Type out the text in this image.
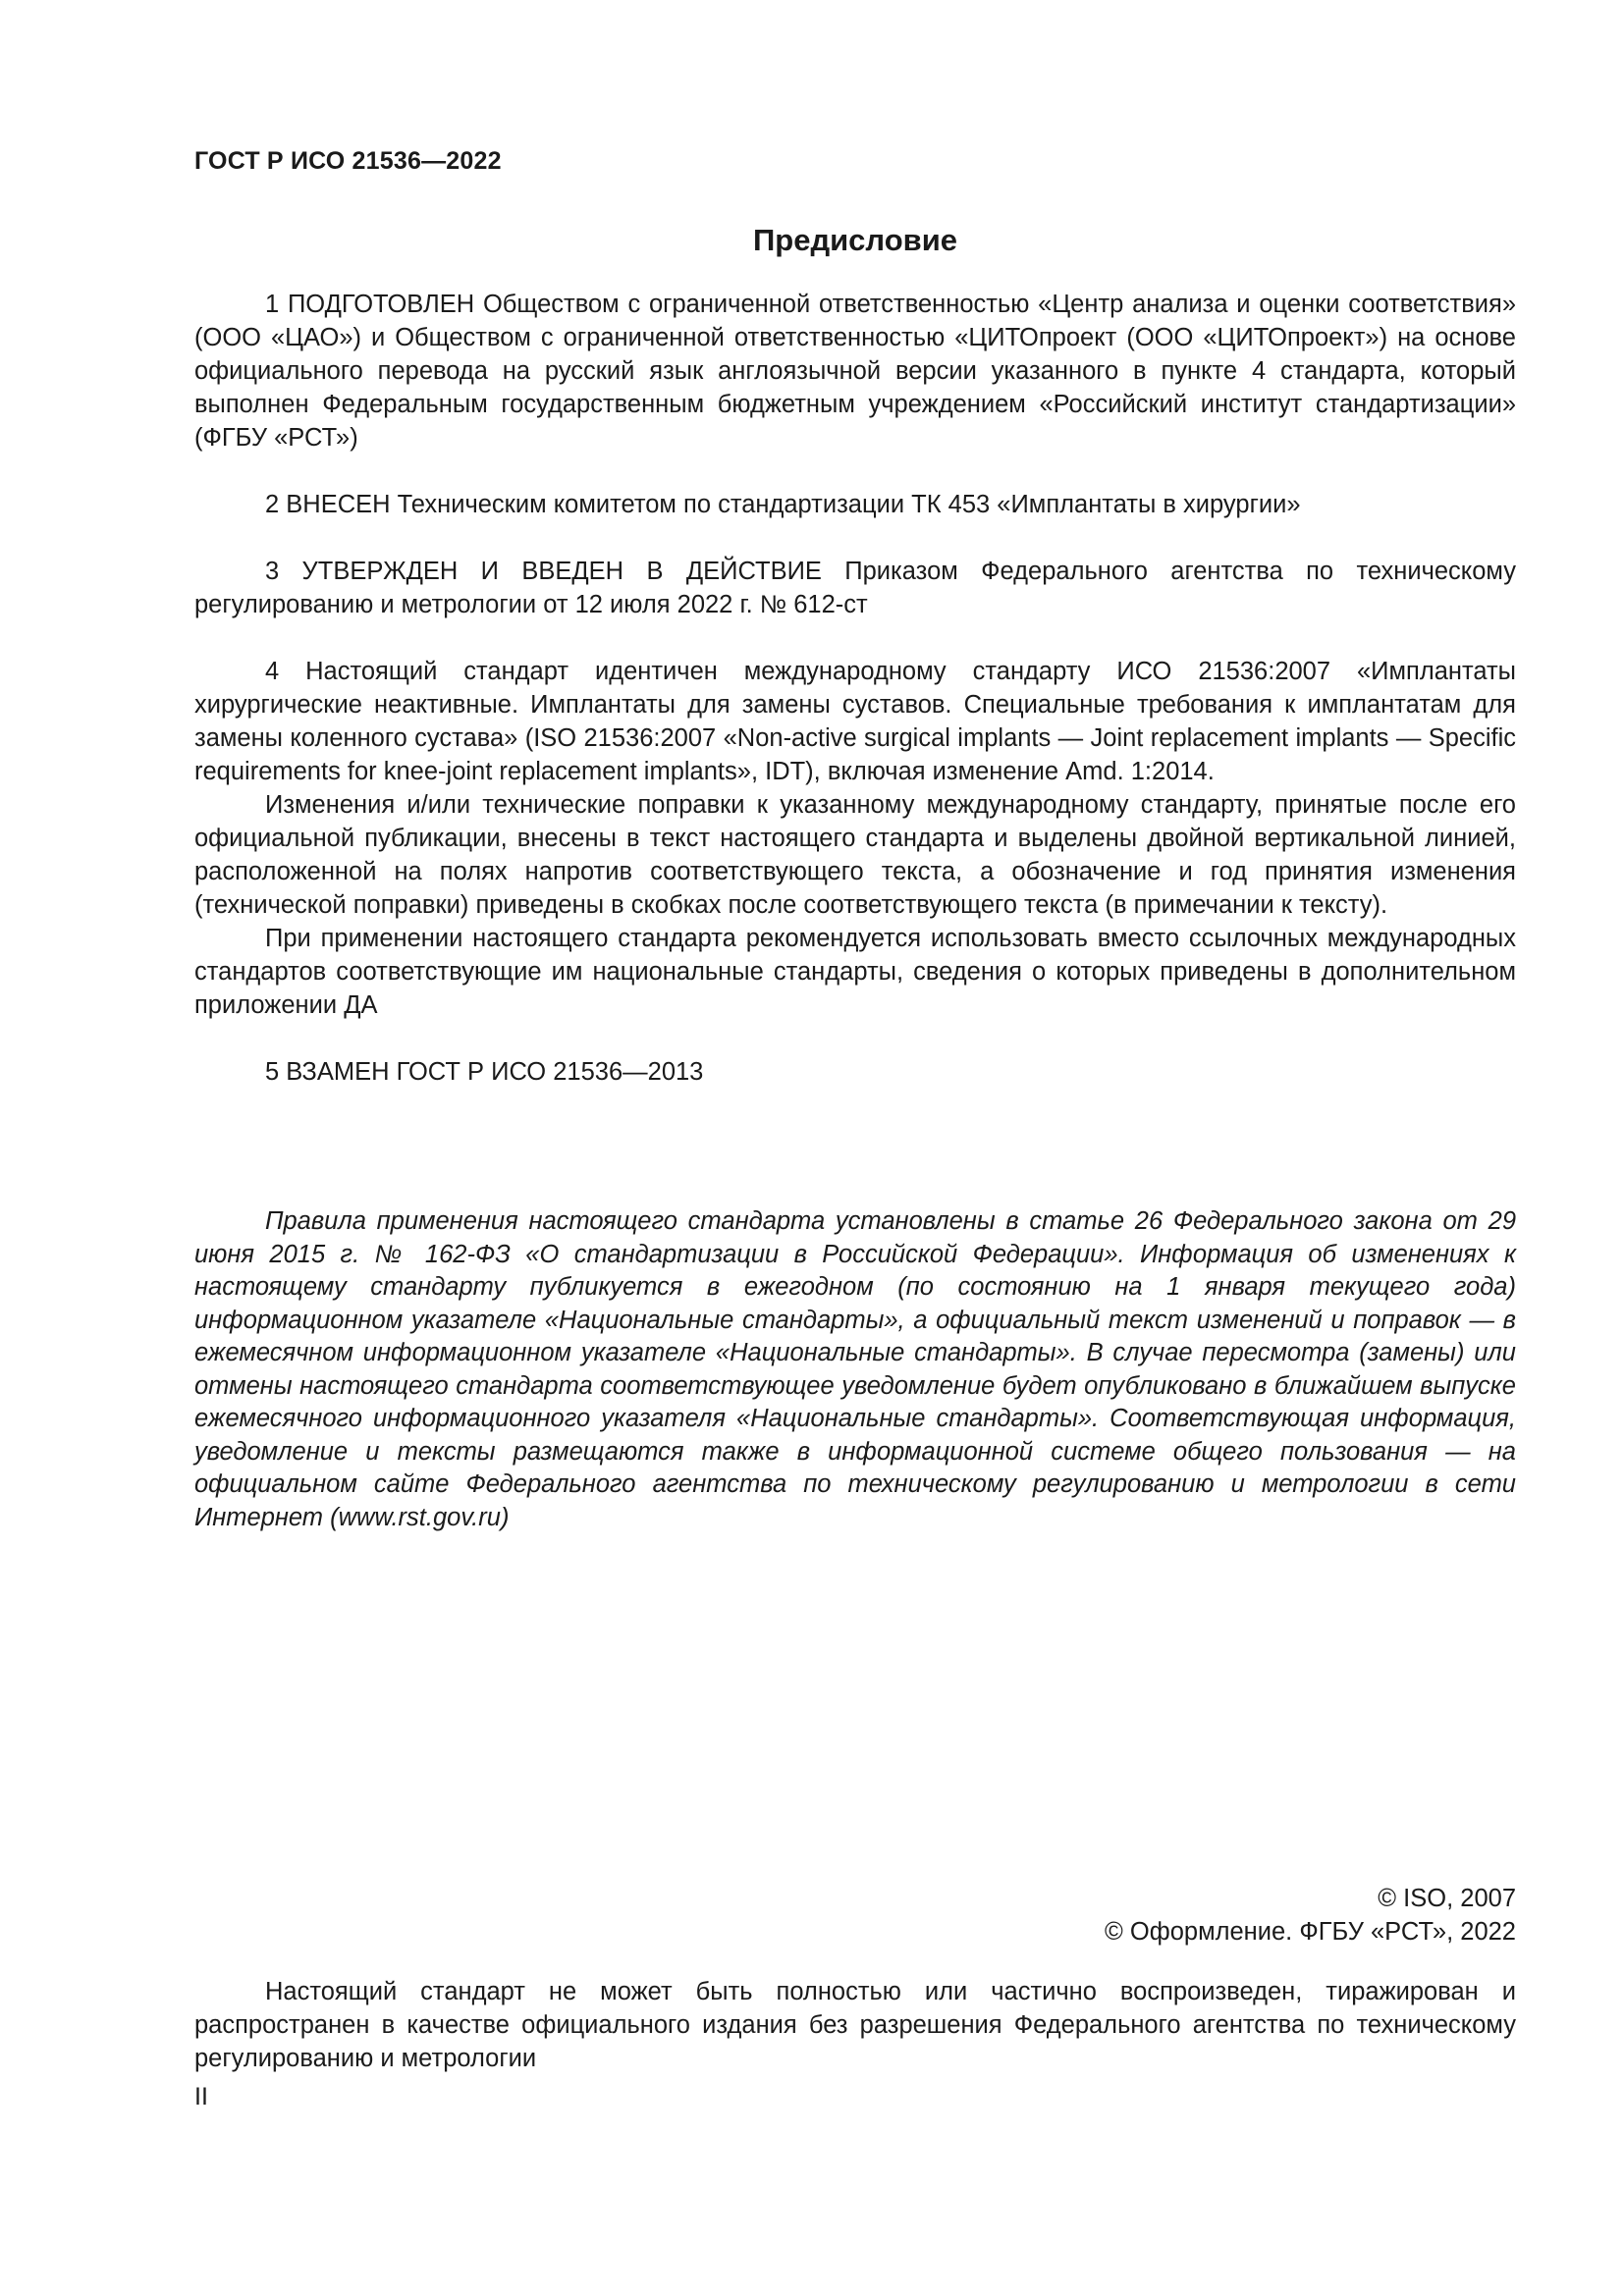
ГОСТ Р ИСО 21536—2022
Предисловие

1 ПОДГОТОВЛЕН Обществом с ограниченной ответственностью «Центр анализа и оценки соответствия» (ООО «ЦАО») и Обществом с ограниченной ответственностью «ЦИТОпроект (ООО «ЦИТОпроект») на основе официального перевода на русский язык англоязычной версии указанного в пункте 4 стандарта, который выполнен Федеральным государственным бюджетным учреждением «Российский институт стандартизации» (ФГБУ «РСТ»)

2 ВНЕСЕН Техническим комитетом по стандартизации ТК 453 «Имплантаты в хирургии»

3 УТВЕРЖДЕН И ВВЕДЕН В ДЕЙСТВИЕ Приказом Федерального агентства по техническому регулированию и метрологии от 12 июля 2022 г. № 612-ст

4 Настоящий стандарт идентичен международному стандарту ИСО 21536:2007 «Имплантаты хирургические неактивные. Имплантаты для замены суставов. Специальные требования к имплантатам для замены коленного сустава» (ISO 21536:2007 «Non-active surgical implants — Joint replacement implants — Specific requirements for knee-joint replacement implants», IDT), включая изменение Amd. 1:2014.

Изменения и/или технические поправки к указанному международному стандарту, принятые после его официальной публикации, внесены в текст настоящего стандарта и выделены двойной вертикальной линией, расположенной на полях напротив соответствующего текста, а обозначение и год принятия изменения (технической поправки) приведены в скобках после соответствующего текста (в примечании к тексту).

При применении настоящего стандарта рекомендуется использовать вместо ссылочных международных стандартов соответствующие им национальные стандарты, сведения о которых приведены в дополнительном приложении ДА

5 ВЗАМЕН ГОСТ Р ИСО 21536—2013

Правила применения настоящего стандарта установлены в статье 26 Федерального закона от 29 июня 2015 г. № 162-ФЗ «О стандартизации в Российской Федерации». Информация об изменениях к настоящему стандарту публикуется в ежегодном (по состоянию на 1 января текущего года) информационном указателе «Национальные стандарты», а официальный текст изменений и поправок — в ежемесячном информационном указателе «Национальные стандарты». В случае пересмотра (замены) или отмены настоящего стандарта соответствующее уведомление будет опубликовано в ближайшем выпуске ежемесячного информационного указателя «Национальные стандарты». Соответствующая информация, уведомление и тексты размещаются также в информационной системе общего пользования — на официальном сайте Федерального агентства по техническому регулированию и метрологии в сети Интернет (www.rst.gov.ru)

© ISO, 2007
© Оформление. ФГБУ «РСТ», 2022

Настоящий стандарт не может быть полностью или частично воспроизведен, тиражирован и распространен в качестве официального издания без разрешения Федерального агентства по техническому регулированию и метрологии

II
